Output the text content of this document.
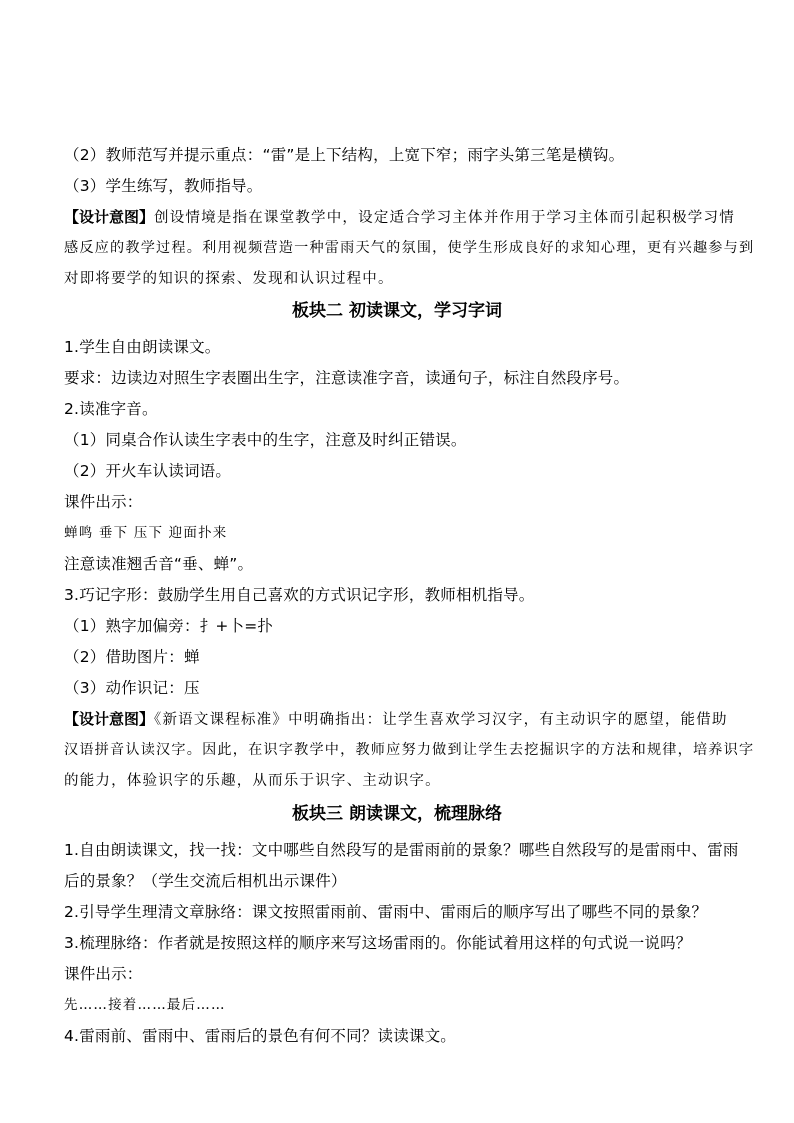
（2）教师范写并提示重点：“雷”是上下结构，上宽下窄；雨字头第三笔是横钩。
（3）学生练写，教师指导。
【设计意图】创设情境是指在课堂教学中，设定适合学习主体并作用于学习主体而引起积极学习情
感反应的教学过程。利用视频营造一种雷雨天气的氛围，使学生形成良好的求知心理，更有兴趣参与到
对即将要学的知识的探索、发现和认识过程中。
板块二 初读课文，学习字词
1.学生自由朗读课文。
要求：边读边对照生字表圈出生字，注意读准字音，读通句子，标注自然段序号。
2.读准字音。
（1）同桌合作认读生字表中的生字，注意及时纠正错误。
（2）开火车认读词语。
课件出示：
蝉鸣 垂下 压下 迎面扑来
注意读准翘舌音“垂、蝉”。
3.巧记字形：鼓励学生用自己喜欢的方式识记字形，教师相机指导。
（1）熟字加偏旁：扌+卜=扑
（2）借助图片：蝉
（3）动作识记：压
【设计意图】《新语文课程标准》中明确指出：让学生喜欢学习汉字，有主动识字的愿望，能借助
汉语拼音认读汉字。因此，在识字教学中，教师应努力做到让学生去挖掘识字的方法和规律，培养识字
的能力，体验识字的乐趣，从而乐于识字、主动识字。
板块三 朗读课文，梳理脉络
1.自由朗读课文，找一找：文中哪些自然段写的是雷雨前的景象？哪些自然段写的是雷雨中、雷雨
后的景象？（学生交流后相机出示课件）
2.引导学生理清文章脉络：课文按照雷雨前、雷雨中、雷雨后的顺序写出了哪些不同的景象？
3.梳理脉络：作者就是按照这样的顺序来写这场雷雨的。你能试着用这样的句式说一说吗？
课件出示：
先……接着……最后……
4.雷雨前、雷雨中、雷雨后的景色有何不同？读读课文。
